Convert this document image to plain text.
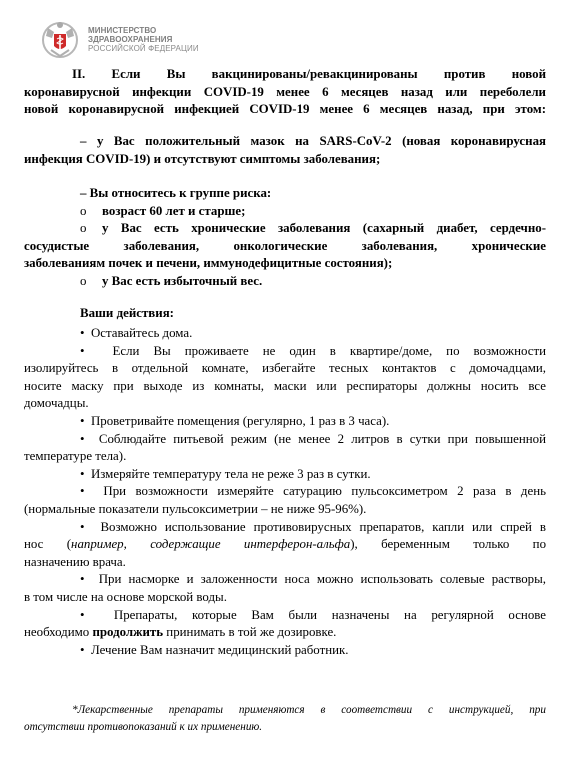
МИНИСТЕРСТВО
ЗДРАВООХРАНЕНИЯ
РОССИЙСКОЙ ФЕДЕРАЦИИ
II. Если Вы вакцинированы/ревакцинированы против новой
коронавирусной инфекции COVID-19 менее 6 месяцев назад или переболели
новой коронавирусной инфекцией COVID-19 менее 6 месяцев назад, при этом:
– у Вас положительный мазок на SARS-CoV-2 (новая коронавирусная
инфекция COVID-19) и отсутствуют симптомы заболевания;
– Вы относитесь к группе риска:
o возраст 60 лет и старше;
o у Вас есть хронические заболевания (сахарный диабет, сердечно-
сосудистые заболевания, онкологические заболевания, хронические
заболеваниям почек и печени, иммунодефицитные состояния);
o у Вас есть избыточный вес.
Ваши действия:
• Оставайтесь дома.
• Если Вы проживаете не один в квартире/доме, по возможности
изолируйтесь в отдельной комнате, избегайте тесных контактов с домочадцами,
носите маску при выходе из комнаты, маски или респираторы должны носить все
домочадцы.
• Проветривайте помещения (регулярно, 1 раз в 3 часа).
• Соблюдайте питьевой режим (не менее 2 литров в сутки при повышенной
температуре тела).
• Измеряйте температуру тела не реже 3 раз в сутки.
• При возможности измеряйте сатурацию пульсоксиметром 2 раза в день
(нормальные показатели пульсоксиметрии – не ниже 95-96%).
• Возможно использование противовирусных препаратов, капли или спрей в
нос (например, содержащие интерферон-альфа), беременным только по
назначению врача.
• При насморке и заложенности носа можно использовать солевые растворы,
в том числе на основе морской воды.
• Препараты, которые Вам были назначены на регулярной основе
необходимо продолжить принимать в той же дозировке.
• Лечение Вам назначит медицинский работник.
*Лекарственные препараты применяются в соответствии с инструкцией, при
отсутствии противопоказаний к их применению.
